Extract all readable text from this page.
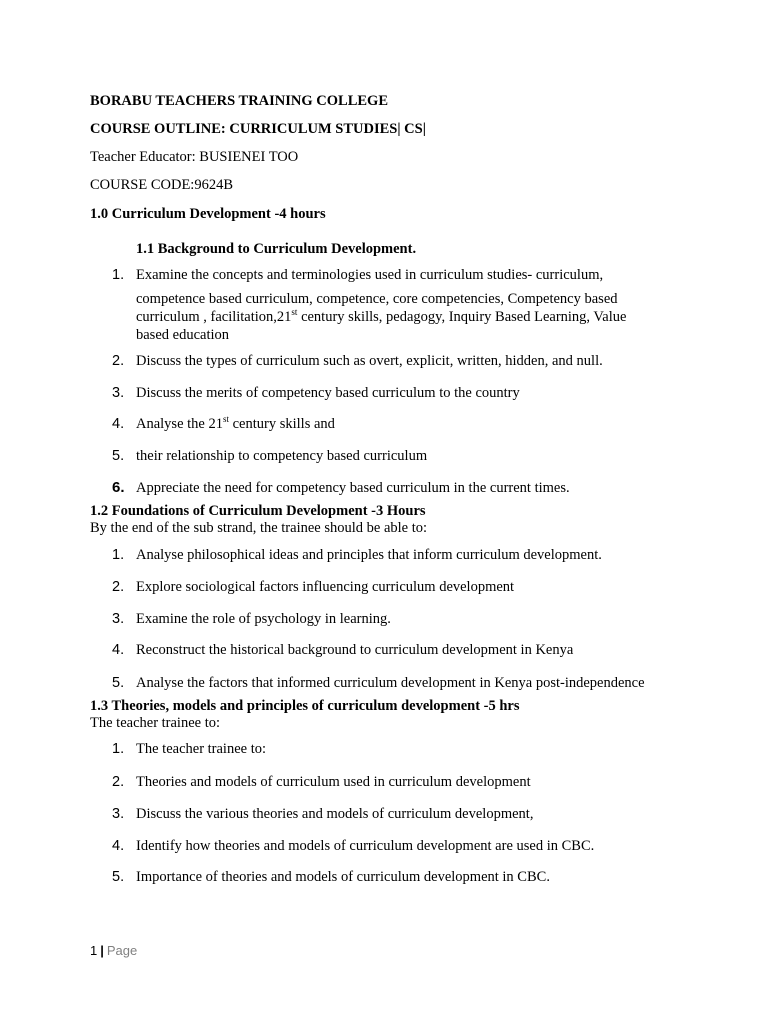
BORABU TEACHERS TRAINING COLLEGE
COURSE OUTLINE: CURRICULUM STUDIES| CS|
Teacher Educator: BUSIENEI TOO
COURSE CODE:9624B
1.0 Curriculum Development -4 hours
1.1 Background to Curriculum Development.
1. Examine the concepts and terminologies used in curriculum studies- curriculum,
competence based curriculum, competence, core competencies, Competency based
curriculum , facilitation,21st century skills, pedagogy, Inquiry Based Learning, Value
based education
2. Discuss the types of curriculum such as overt, explicit, written, hidden, and null.
3. Discuss the merits of competency based curriculum to the country
4. Analyse the 21st century skills and
5. their relationship to competency based curriculum
6. Appreciate the need for competency based curriculum in the current times.
1.2 Foundations of Curriculum Development -3 Hours
By the end of the sub strand, the trainee should be able to:
1. Analyse philosophical ideas and principles that inform curriculum development.
2. Explore sociological factors influencing curriculum development
3. Examine the role of psychology in learning.
4. Reconstruct the historical background to curriculum development in Kenya
5. Analyse the factors that informed curriculum development in Kenya post-independence
1.3 Theories, models and principles of curriculum development -5 hrs
The teacher trainee to:
1. The teacher trainee to:
2. Theories and models of curriculum used in curriculum development
3. Discuss the various theories and models of curriculum development,
4. Identify how theories and models of curriculum development are used in CBC.
5. Importance of theories and models of curriculum development in CBC.
1 | Page
